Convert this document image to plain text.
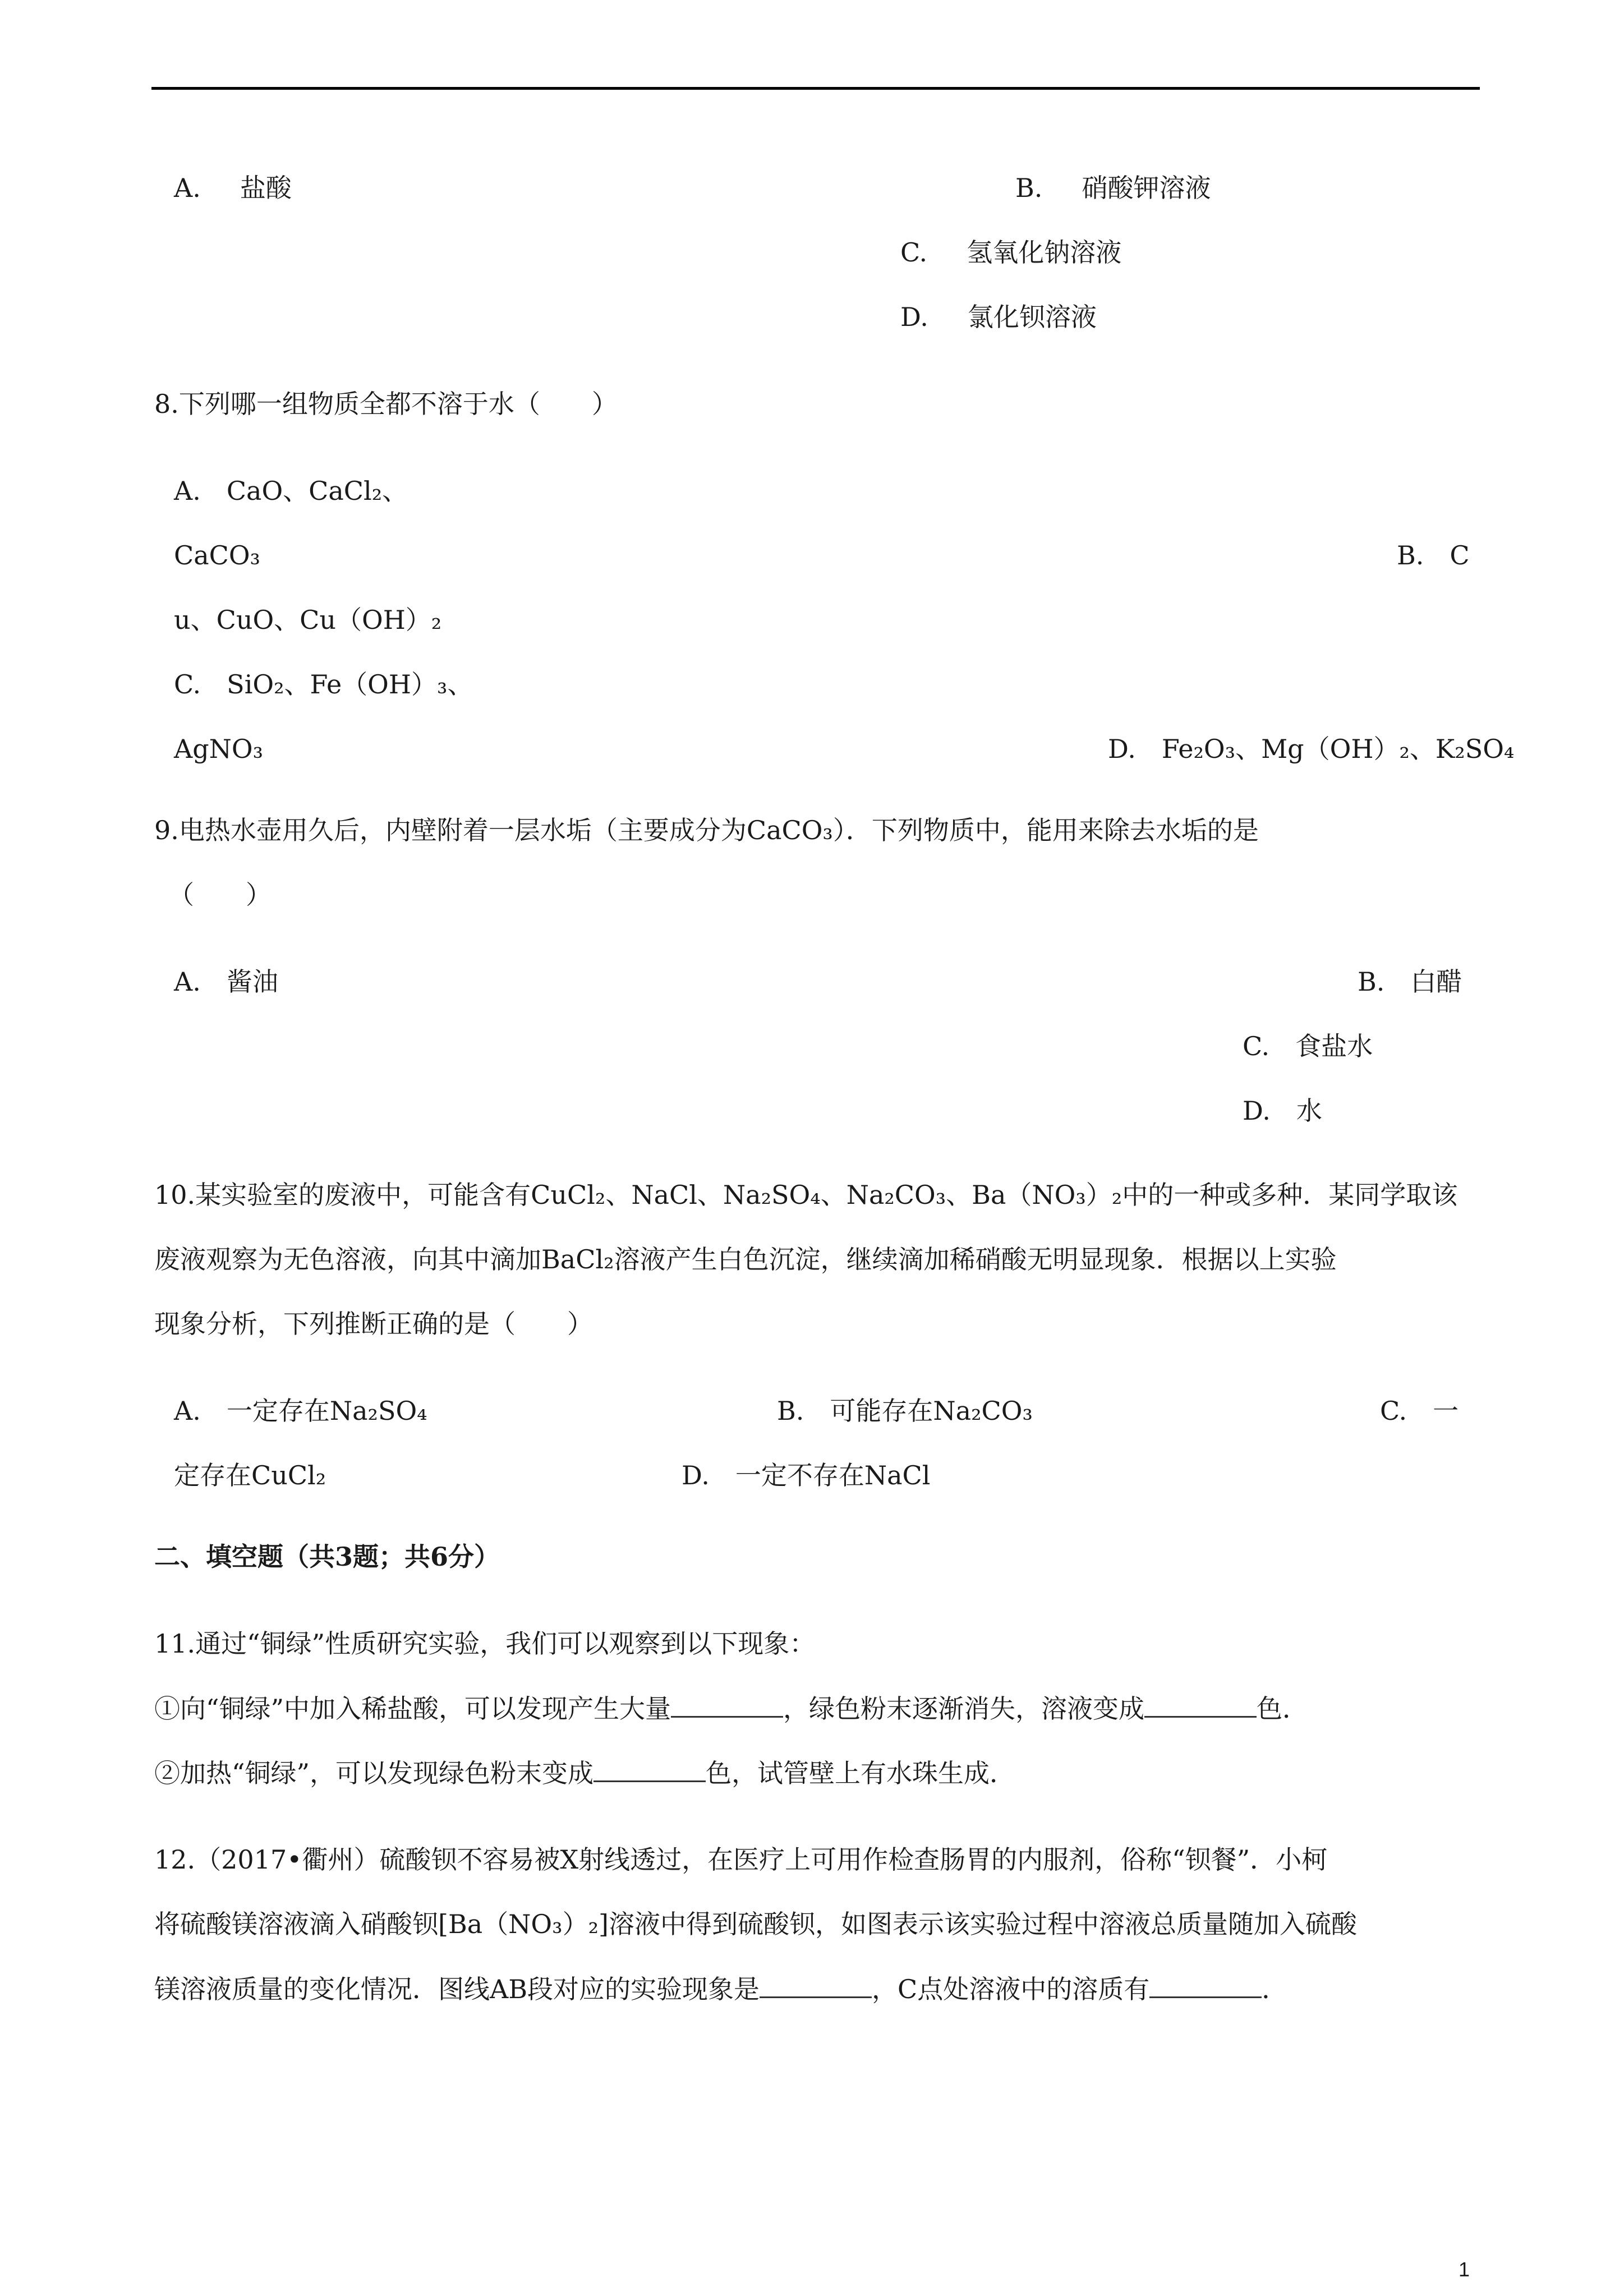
A. 盐酸	B. 硝酸钾溶液
C. 氢氧化钠溶液
D. 氯化钡溶液
8.下列哪一组物质全都不溶于水（　　）
A.　CaO、CaCl₂、
CaCO₃	B.　C
u、CuO、Cu（OH）₂
C.　SiO₂、Fe（OH）₃、
AgNO₃	D.　Fe₂O₃、Mg（OH）₂、K₂SO₄
9.电热水壶用久后，内壁附着一层水垢（主要成分为CaCO₃）．下列物质中，能用来除去水垢的是
（　　）
A.　酱油	B.　白醋
C.　食盐水
D.　水
10.某实验室的废液中，可能含有CuCl₂、NaCl、Na₂SO₄、Na₂CO₃、Ba（NO₃）₂中的一种或多种．某同学取该
废液观察为无色溶液，向其中滴加BaCl₂溶液产生白色沉淀，继续滴加稀硝酸无明显现象．根据以上实验
现象分析，下列推断正确的是（　　）
A.　一定存在Na₂SO₄	B.　可能存在Na₂CO₃	C.　一
定存在CuCl₂	D.　一定不存在NaCl
二、填空题（共3题；共6分）
11.通过“铜绿”性质研究实验，我们可以观察到以下现象：
①向“铜绿”中加入稀盐酸，可以发现产生大量	，绿色粉末逐渐消失，溶液变成	色．
②加热“铜绿”，可以发现绿色粉末变成	色，试管壁上有水珠生成．
12.（2017•衢州）硫酸钡不容易被X射线透过，在医疗上可用作检查肠胃的内服剂，俗称“钡餐”．小柯
将硫酸镁溶液滴入硝酸钡[Ba（NO₃）₂]溶液中得到硫酸钡，如图表示该实验过程中溶液总质量随加入硫酸
镁溶液质量的变化情况．图线AB段对应的实验现象是	，C点处溶液中的溶质有	．
1
